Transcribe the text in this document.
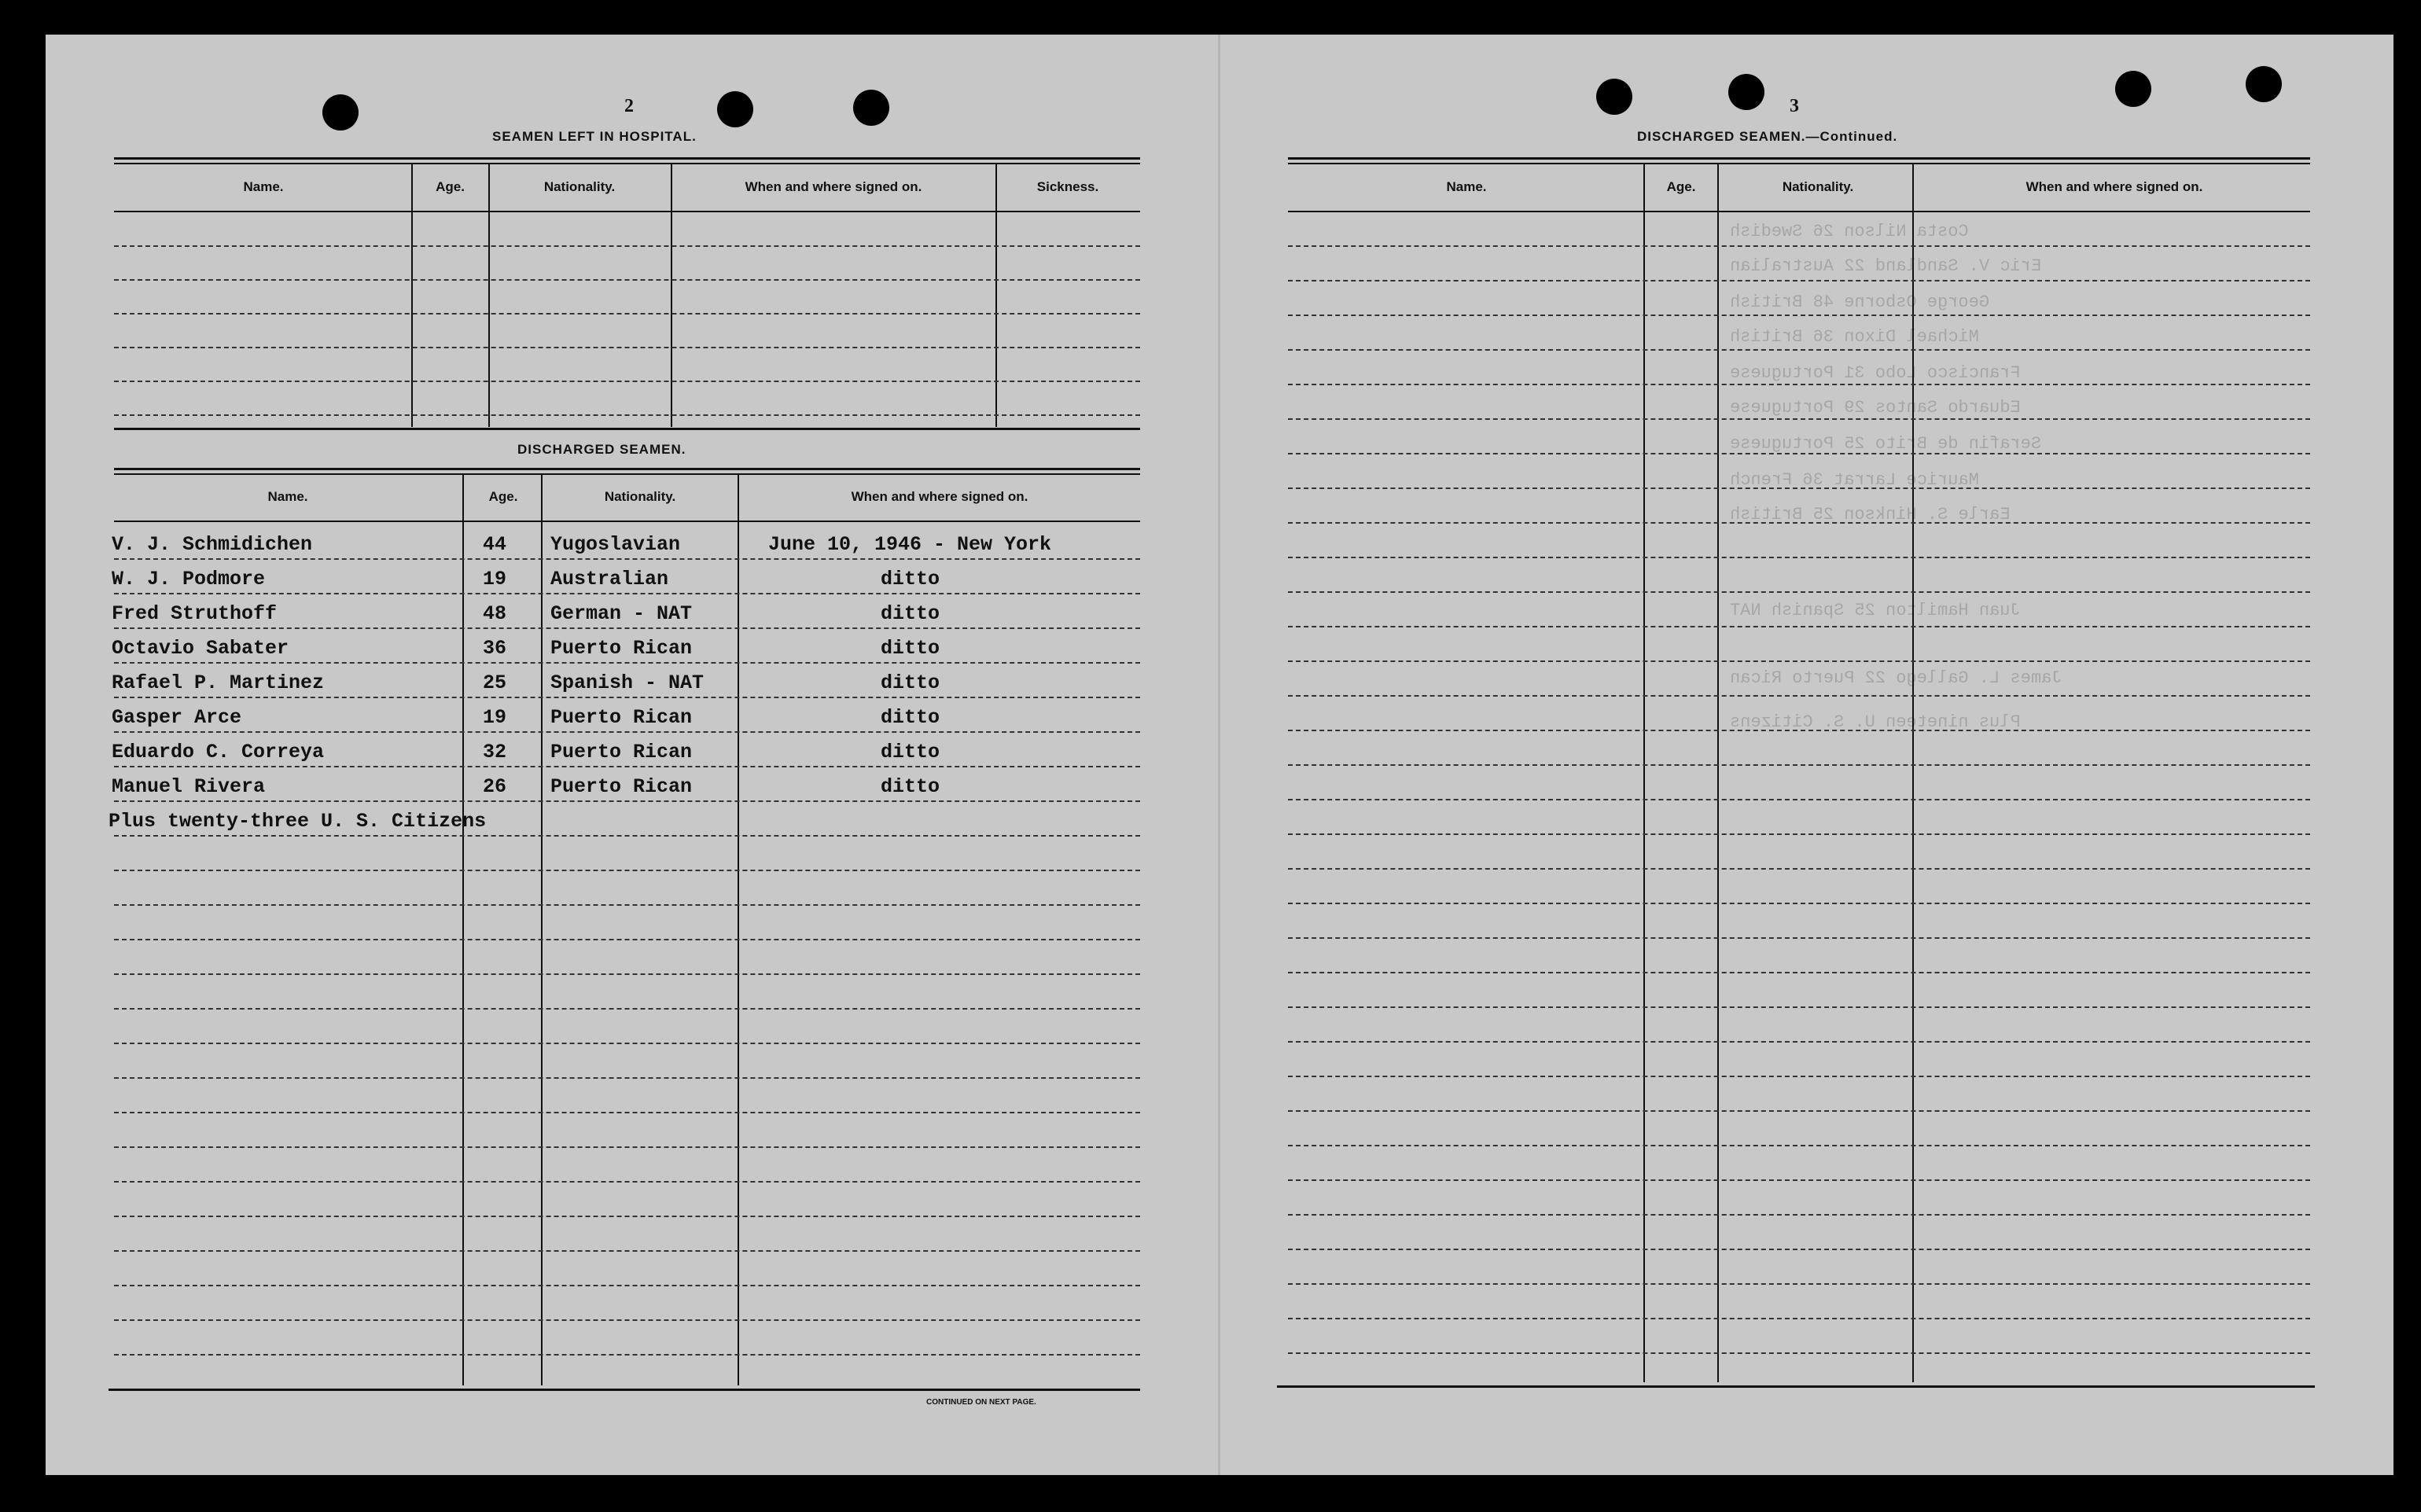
Costa Nilson 26 Swedish
Eric V. Sandland 22 Australian
George Osborne 48 British
Michael Dixon 36 British
Francisco Lobo 31 Portuguese
Eduardo Santos 29 Portuguese
Serafin de Brito 25 Portuguese
Maurice Larrat 36 French
Earle S. Hinkson 25 British
Juan Hamilton 25 Spanish NAT
James L. Gallego 22 Puerto Rican
Plus nineteen U. S. Citizens
2
SEAMEN LEFT IN HOSPITAL.
Name.	Age.	Nationality.	When and where signed on.	Sickness.
DISCHARGED SEAMEN.
Name.	Age.	Nationality.	When and where signed on.
V. J. Schmidichen	44 Yugoslavian	June 10, 1946 - New York
W. J. Podmore	19 Australian	ditto
Fred Struthoff	48 German - NAT	ditto
Octavio Sabater	36 Puerto Rican	ditto
Rafael P. Martinez	25 Spanish - NAT	ditto
Gasper Arce	19 Puerto Rican	ditto
Eduardo C. Correya	32 Puerto Rican	ditto
Manuel Rivera	26 Puerto Rican	ditto
Plus twenty-three U. S. Citizens
CONTINUED ON NEXT PAGE.
3
DISCHARGED SEAMEN.—Continued.
Name.	Age.	Nationality.	When and where signed on.
